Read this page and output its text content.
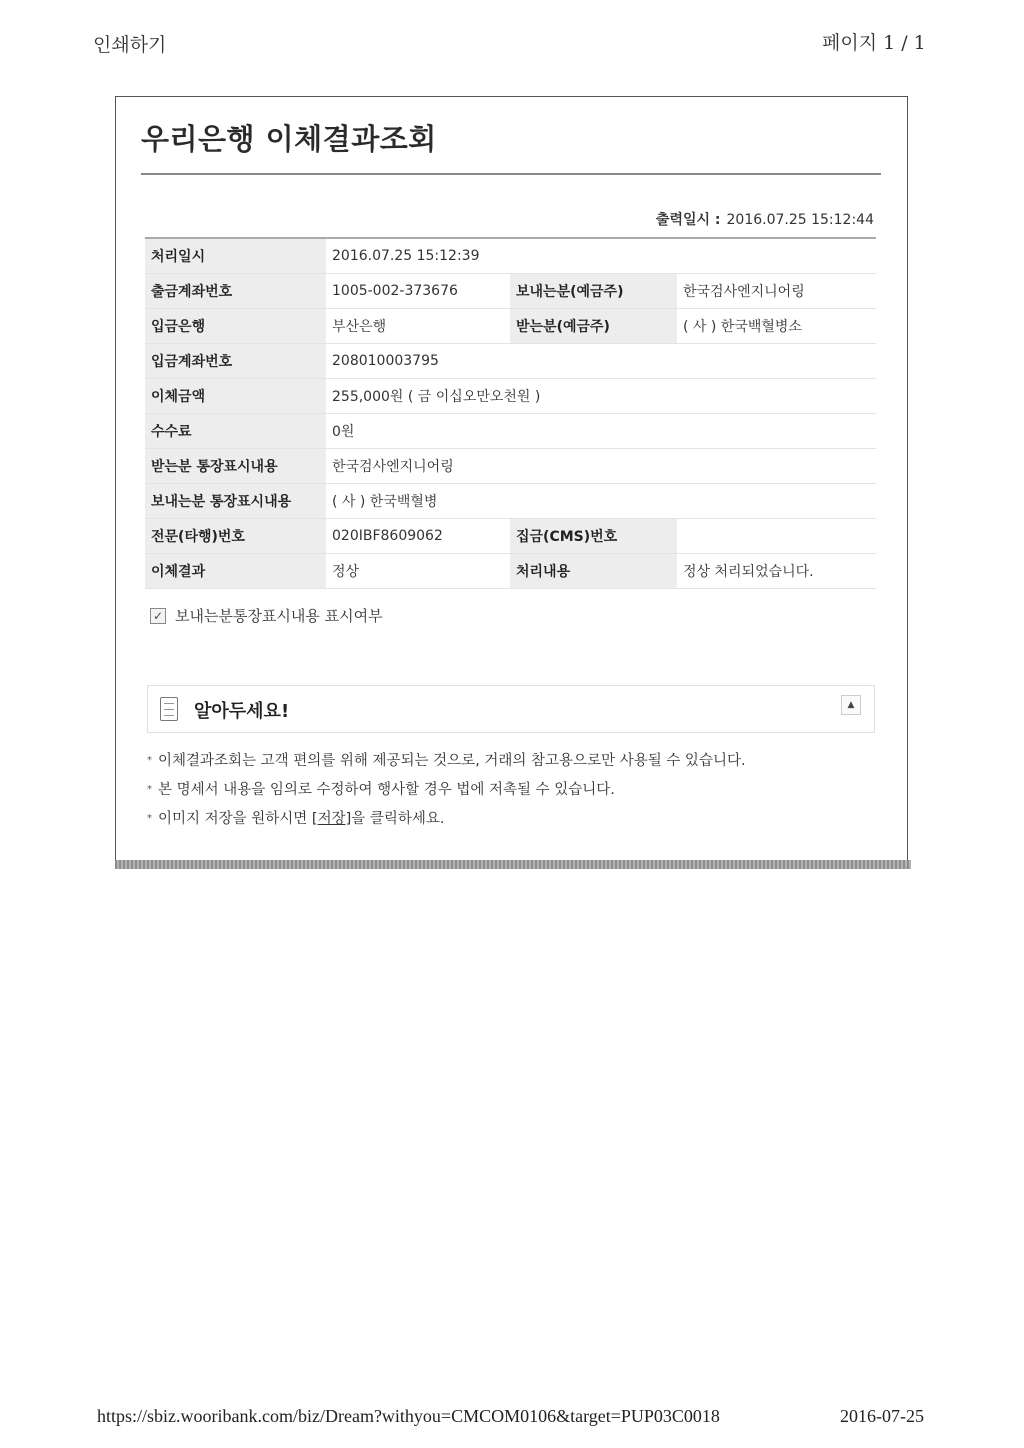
인쇄하기	페이지 1 / 1
우리은행 이체결과조회
출력일시 : 2016.07.25 15:12:44
처리일시	2016.07.25 15:12:39		
출금계좌번호	1005-002-373676	보내는분(예금주)	한국검사엔지니어링
입금은행	부산은행	받는분(예금주)	( 사 ) 한국백혈병소
입금계좌번호	208010003795		
이체금액	255,000원 ( 금 이십오만오천원 )		
수수료	0원		
받는분 통장표시내용	한국검사엔지니어링		
보내는분 통장표시내용	( 사 ) 한국백혈병		
전문(타행)번호	020IBF8609062	집금(CMS)번호	
이체결과	정상	처리내용	정상 처리되었습니다.
✓ 보내는분통장표시내용 표시여부
알아두세요!	▲
* 이체결과조회는 고객 편의를 위해 제공되는 것으로, 거래의 참고용으로만 사용될 수 있습니다.
* 본 명세서 내용을 임의로 수정하여 행사할 경우 법에 저촉될 수 있습니다.
* 이미지 저장을 원하시면 [저장]을 클릭하세요.
https://sbiz.wooribank.com/biz/Dream?withyou=CMCOM0106&target=PUP03C0018	2016-07-25
